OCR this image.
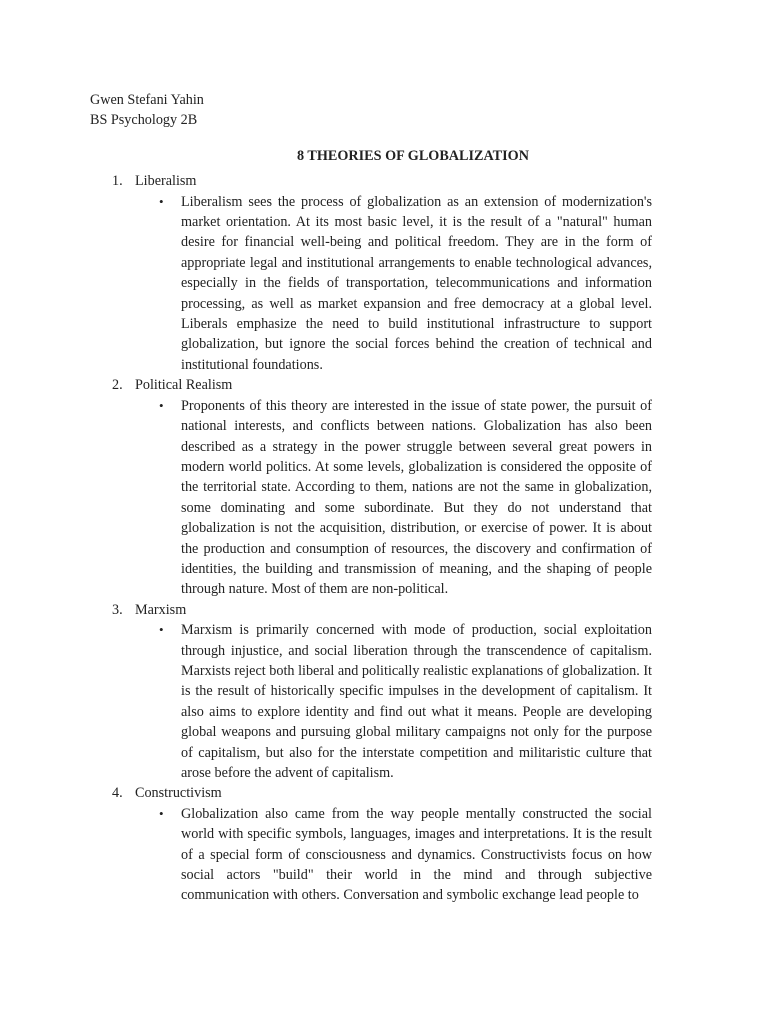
Gwen Stefani Yahin

BS Psychology 2B

8 THEORIES OF GLOBALIZATION
1. Liberalism
• Liberalism sees the process of globalization as an extension of modernization's market orientation. At its most basic level, it is the result of a "natural" human desire for financial well-being and political freedom. They are in the form of appropriate legal and institutional arrangements to enable technological advances, especially in the fields of transportation, telecommunications and information processing, as well as market expansion and free democracy at a global level. Liberals emphasize the need to build institutional infrastructure to support globalization, but ignore the social forces behind the creation of technical and institutional foundations.
2. Political Realism
• Proponents of this theory are interested in the issue of state power, the pursuit of national interests, and conflicts between nations. Globalization has also been described as a strategy in the power struggle between several great powers in modern world politics. At some levels, globalization is considered the opposite of the territorial state. According to them, nations are not the same in globalization, some dominating and some subordinate. But they do not understand that globalization is not the acquisition, distribution, or exercise of power. It is about the production and consumption of resources, the discovery and confirmation of identities, the building and transmission of meaning, and the shaping of people through nature. Most of them are non-political.
3. Marxism
• Marxism is primarily concerned with mode of production, social exploitation through injustice, and social liberation through the transcendence of capitalism. Marxists reject both liberal and politically realistic explanations of globalization. It is the result of historically specific impulses in the development of capitalism. It also aims to explore identity and find out what it means. People are developing global weapons and pursuing global military campaigns not only for the purpose of capitalism, but also for the interstate competition and militaristic culture that arose before the advent of capitalism.
4. Constructivism
• Globalization also came from the way people mentally constructed the social world with specific symbols, languages, images and interpretations. It is the result of a special form of consciousness and dynamics. Constructivists focus on how social actors "build" their world in the mind and through subjective communication with others. Conversation and symbolic exchange lead people to
